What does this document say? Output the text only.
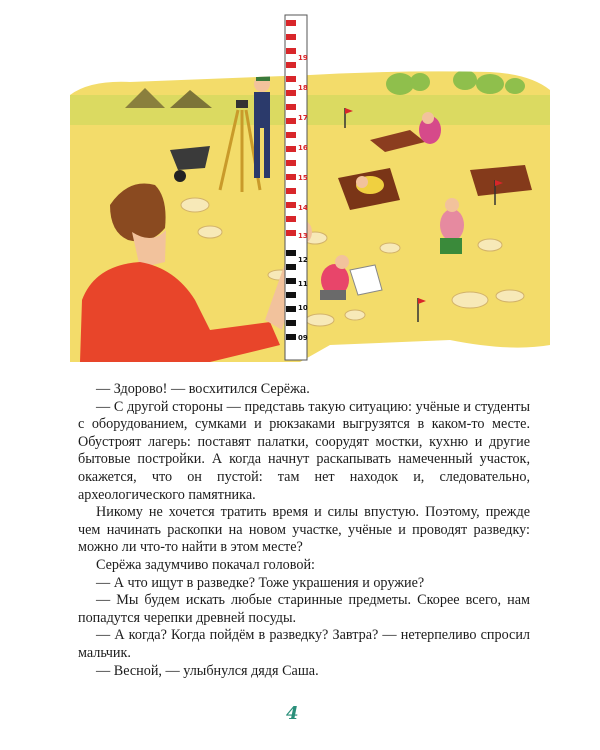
19
18
17
16
15
14
13
12
11
10
09

— Здорово! — восхитился Серёжа.

— С другой стороны — представь такую ситуацию: учёные и студенты с оборудованием, сумками и рюкзаками выгрузятся в каком-то месте. Обустроят лагерь: поставят палатки, соорудят мостки, кухню и другие бытовые постройки. А когда начнут раскапывать намеченный участок, окажется, что он пустой: там нет находок и, следовательно, археологического памятника.

Никому не хочется тратить время и силы впустую. Поэтому, прежде чем начинать раскопки на новом участке, учёные и проводят разведку: можно ли что-то найти в этом месте?

Серёжа задумчиво покачал головой:

— А что ищут в разведке? Тоже украшения и оружие?

— Мы будем искать любые старинные предметы. Скорее всего, нам попадутся черепки древней посуды.

— А когда? Когда пойдём в разведку? Завтра? — нетерпеливо спросил мальчик.

— Весной, — улыбнулся дядя Саша.

4
